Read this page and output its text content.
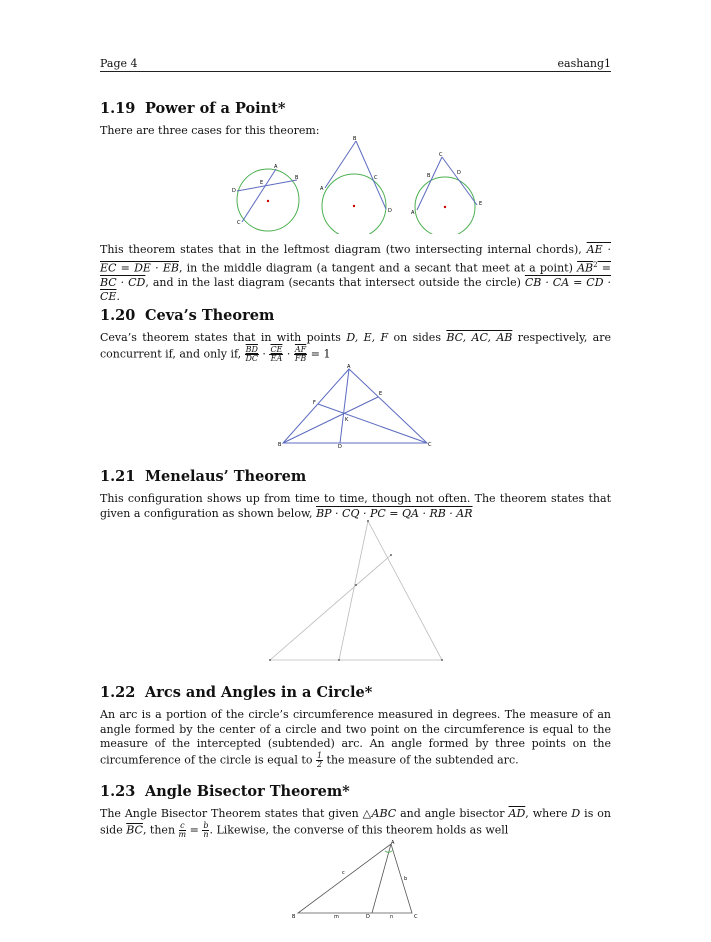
Page 4	eashang1
1.19 Power of a Point*

There are three cases for this theorem:

A
B
C
D
E
B
A
C
D
C
B	D
A
E

This theorem states that in the leftmost diagram (two intersecting internal chords), AE · EC = DE · EB, in the middle diagram (a tangent and a secant that meet at a point) $\overline{AB}^2$ = BC · CD, and in the last diagram (secants that intersect outside the circle) CB · CA = CD · CE.

1.20 Ceva’s Theorem

Ceva’s theorem states that in with points D, E, F on sides BC, AC, AB respectively, are concurrent if, and only if, $\frac{\overline{BD}}{DC} \cdot \frac{\overline{CE}}{EA} \cdot \frac{\overline{AF}}{FB} = 1$

A
B	C
D
E
F
K
1.21 Menelaus’ Theorem

This configuration shows up from time to time, though not often. The theorem states that given a configuration as shown below, BP · CQ · PC = QA · RB · AR

1.22 Arcs and Angles in a Circle*

An arc is a portion of the circle’s circumference measured in degrees. The measure of an angle formed by the center of a circle and two point on the circumference is equal to the measure of the intercepted (subtended) arc. An angle formed by three points on the circumference of the circle is equal to $\frac{1}{2}$ the measure of the subtended arc.

1.23 Angle Bisector Theorem*

The Angle Bisector Theorem states that given △ABC and angle bisector $\overline{AD}$, where D is on side $\overline{BC}$, then $\frac{c}{m} = \frac{b}{n}$ . Likewise, the converse of this theorem holds as well

A
B	C
D
m	n
b
c
